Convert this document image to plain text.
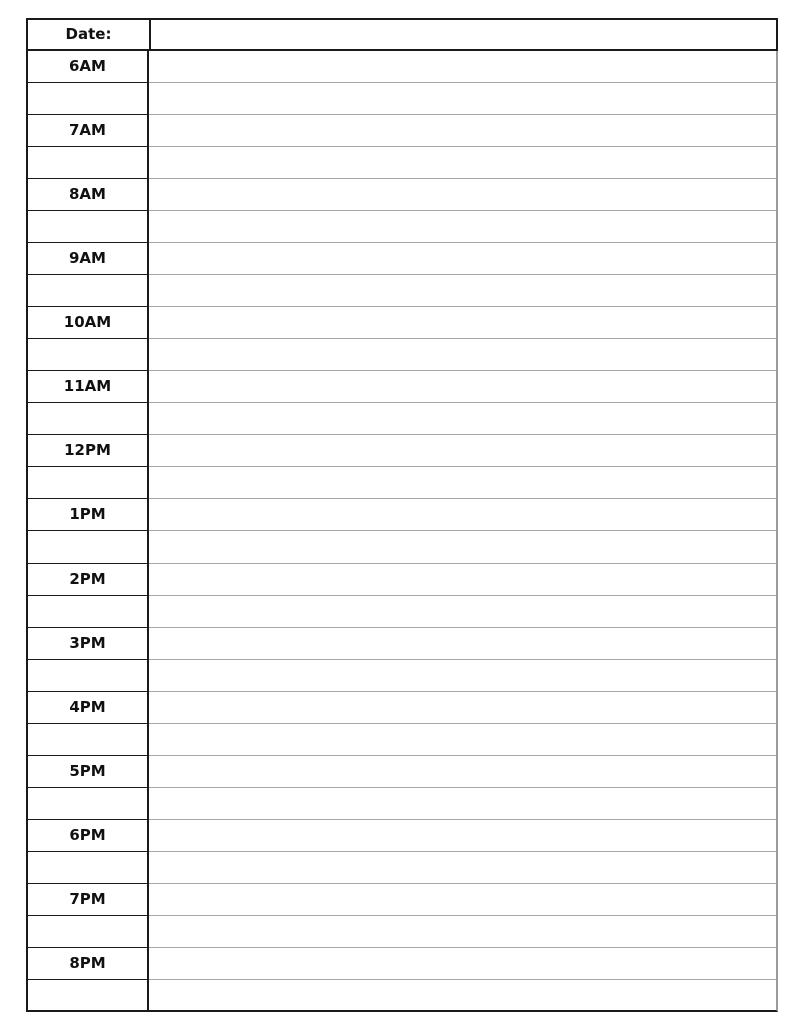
Date:
6AM
7AM
8AM
9AM
10AM
11AM
12PM
1PM
2PM
3PM
4PM
5PM
6PM
7PM
8PM
